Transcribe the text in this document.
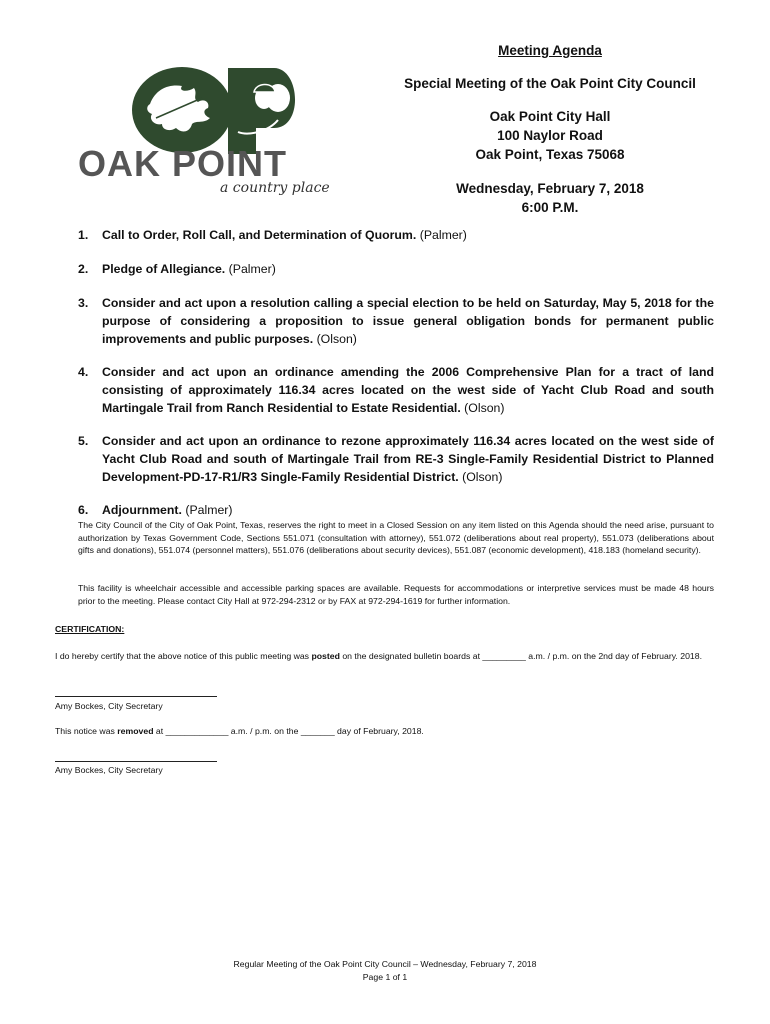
OAK POINT
a country place
Meeting Agenda
Special Meeting of the Oak Point City Council
Oak Point City Hall
100 Naylor Road
Oak Point, Texas 75068
Wednesday, February 7, 2018
6:00 P.M.
1. Call to Order, Roll Call, and Determination of Quorum. (Palmer)
2. Pledge of Allegiance. (Palmer)
3. Consider and act upon a resolution calling a special election to be held on Saturday, May 5, 2018 for the purpose of considering a proposition to issue general obligation bonds for permanent public improvements and public purposes. (Olson)
4. Consider and act upon an ordinance amending the 2006 Comprehensive Plan for a tract of land consisting of approximately 116.34 acres located on the west side of Yacht Club Road and south Martingale Trail from Ranch Residential to Estate Residential. (Olson)
5. Consider and act upon an ordinance to rezone approximately 116.34 acres located on the west side of Yacht Club Road and south of Martingale Trail from RE-3 Single-Family Residential District to Planned Development-PD-17-R1/R3 Single-Family Residential District. (Olson)
6. Adjournment. (Palmer)
The City Council of the City of Oak Point, Texas, reserves the right to meet in a Closed Session on any item listed on this Agenda should the need arise, pursuant to authorization by Texas Government Code, Sections 551.071 (consultation with attorney), 551.072 (deliberations about real property), 551.073 (deliberations about gifts and donations), 551.074 (personnel matters), 551.076 (deliberations about security devices), 551.087 (economic development), 418.183 (homeland security).
This facility is wheelchair accessible and accessible parking spaces are available. Requests for accommodations or interpretive services must be made 48 hours prior to the meeting. Please contact City Hall at 972-294-2312 or by FAX at 972-294-1619 for further information.
CERTIFICATION:
I do hereby certify that the above notice of this public meeting was posted on the designated bulletin boards at _________ a.m. / p.m. on the 2nd day of February. 2018.
Amy Bockes, City Secretary
This notice was removed at _____________ a.m. / p.m. on the _______ day of February, 2018.
Amy Bockes, City Secretary
Regular Meeting of the Oak Point City Council – Wednesday, February 7, 2018
Page 1 of 1
